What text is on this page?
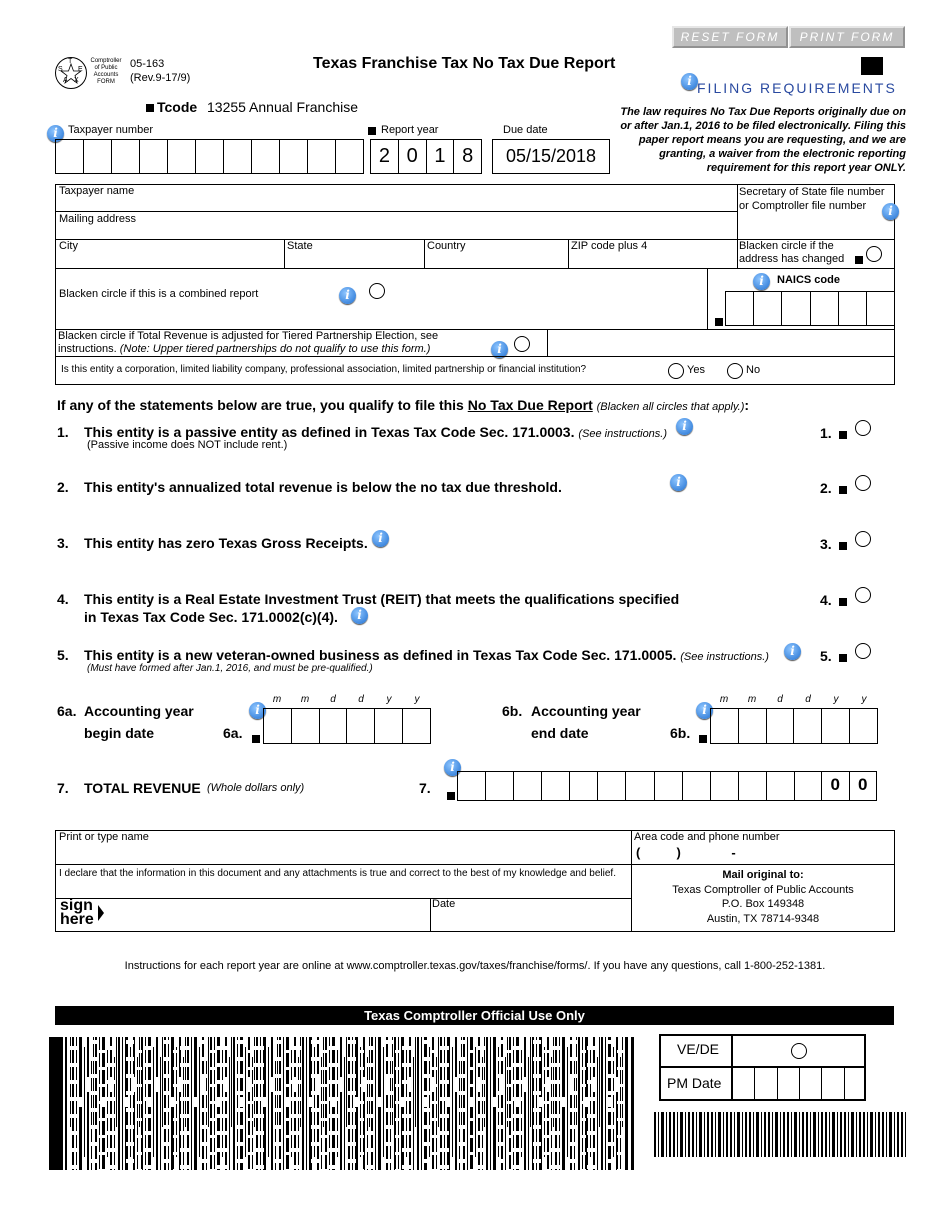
RESET FORM	PRINT FORM
T
E
S
A X
Comptroller of Public Accounts FORM
05-163
(Rev.9-17/9)
Texas Franchise Tax No Tax Due Report
Tcode 13255 Annual Franchise
i FILING REQUIREMENTS
The law requires No Tax Due Reports originally due on or after Jan.1, 2016 to be filed electronically. Filing this paper report means you are requesting, and we are granting, a waiver from the electronic reporting requirement for this report year ONLY.
i Taxpayer number	Report year
2 0 1 8
Due date
05/15/2018
Taxpayer name	Secretary of State file number or Comptroller file number	i
Mailing address
City	State	Country	ZIP code plus 4	Blacken circle if the address has changed
Blacken circle if this is a combined report	i
i	NAICS code
Blacken circle if Total Revenue is adjusted for Tiered Partnership Election, see instructions. (Note: Upper tiered partnerships do not qualify to use this form.)	i
Is this entity a corporation, limited liability company, professional association, limited partnership or financial institution?	Yes	No
If any of the statements below are true, you qualify to file this No Tax Due Report (Blacken all circles that apply.):
1. This entity is a passive entity as defined in Texas Tax Code Sec. 171.0003. (See instructions.)
i
(Passive income does NOT include rent.)
1.
2. This entity's annualized total revenue is below the no tax due threshold.	i	2.
3. This entity has zero Texas Gross Receipts. i	3.
4. This entity is a Real Estate Investment Trust (REIT) that meets the qualifications specified
in Texas Tax Code Sec. 171.0002(c)(4).	i
4.
5. This entity is a new veteran-owned business as defined in Texas Tax Code Sec. 171.0005. (See instructions.)	i
(Must have formed after Jan.1, 2016, and must be pre-qualified.)
5.
6a. Accounting year
begin date	6a.
i
m	m	d	d	y	y
6b. Accounting year
end date	6b.
i
m	m	d	d	y	y
7. TOTAL REVENUE (Whole dollars only)	7.
i
0	0
Print or type name	Area code and phone number
(          )              -
I declare that the information in this document and any attachments is true and correct to the best of my knowledge and belief.
sign
here
Date
Mail original to:
Texas Comptroller of Public Accounts
P.O. Box 149348
Austin, TX 78714-9348
Instructions for each report year are online at www.comptroller.texas.gov/taxes/franchise/forms/. If you have any questions, call 1-800-252-1381.
Texas Comptroller Official Use Only
VE/DE
PM Date
